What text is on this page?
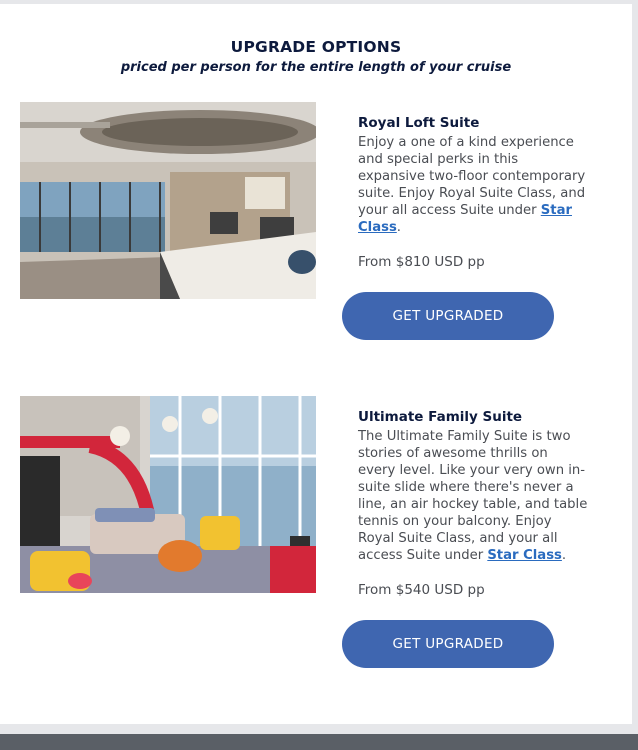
UPGRADE OPTIONS
priced per person for the entire length of your cruise
Royal Loft Suite
Enjoy a one of a kind experience and special perks in this expansive two-floor contemporary suite. Enjoy Royal Suite Class, and your all access Suite under Star Class.
From $810 USD pp
GET UPGRADED
Ultimate Family Suite
The Ultimate Family Suite is two stories of awesome thrills on every level. Like your very own in-suite slide where there's never a line, an air hockey table, and table tennis on your balcony. Enjoy Royal Suite Class, and your all access Suite under Star Class.
From $540 USD pp
GET UPGRADED
